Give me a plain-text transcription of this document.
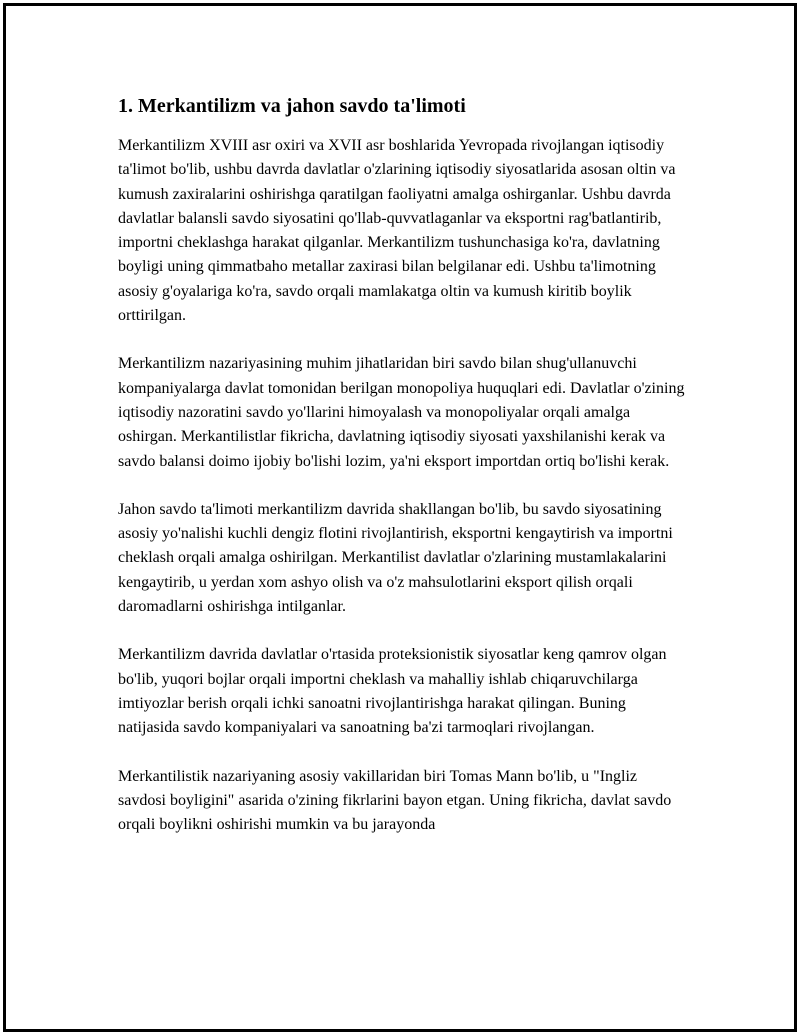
1. Merkantilizm va jahon savdo ta'limoti

Merkantilizm XVIII asr oxiri va XVII asr boshlarida Yevropada rivojlangan iqtisodiy ta'limot bo'lib, ushbu davrda davlatlar o'zlarining iqtisodiy siyosatlarida asosan oltin va kumush zaxiralarini oshirishga qaratilgan faoliyatni amalga oshirganlar. Ushbu davrda davlatlar balansli savdo siyosatini qo'llab-quvvatlaganlar va eksportni rag'batlantirib, importni cheklashga harakat qilganlar. Merkantilizm tushunchasiga ko'ra, davlatning boyligi uning qimmatbaho metallar zaxirasi bilan belgilanar edi. Ushbu ta'limotning asosiy g'oyalariga ko'ra, savdo orqali mamlakatga oltin va kumush kiritib boylik orttirilgan.

Merkantilizm nazariyasining muhim jihatlaridan biri savdo bilan shug'ullanuvchi kompaniyalarga davlat tomonidan berilgan monopoliya huquqlari edi. Davlatlar o'zining iqtisodiy nazoratini savdo yo'llarini himoyalash va monopoliyalar orqali amalga oshirgan. Merkantilistlar fikricha, davlatning iqtisodiy siyosati yaxshilanishi kerak va savdo balansi doimo ijobiy bo'lishi lozim, ya'ni eksport importdan ortiq bo'lishi kerak.

Jahon savdo ta'limoti merkantilizm davrida shakllangan bo'lib, bu savdo siyosatining asosiy yo'nalishi kuchli dengiz flotini rivojlantirish, eksportni kengaytirish va importni cheklash orqali amalga oshirilgan. Merkantilist davlatlar o'zlarining mustamlakalarini kengaytirib, u yerdan xom ashyo olish va o'z mahsulotlarini eksport qilish orqali daromadlarni oshirishga intilganlar.

Merkantilizm davrida davlatlar o'rtasida proteksionistik siyosatlar keng qamrov olgan bo'lib, yuqori bojlar orqali importni cheklash va mahalliy ishlab chiqaruvchilarga imtiyozlar berish orqali ichki sanoatni rivojlantirishga harakat qilingan. Buning natijasida savdo kompaniyalari va sanoatning ba'zi tarmoqlari rivojlangan.

Merkantilistik nazariyaning asosiy vakillaridan biri Tomas Mann bo'lib, u "Ingliz savdosi boyligini" asarida o'zining fikrlarini bayon etgan. Uning fikricha, davlat savdo orqali boylikni oshirishi mumkin va bu jarayonda
